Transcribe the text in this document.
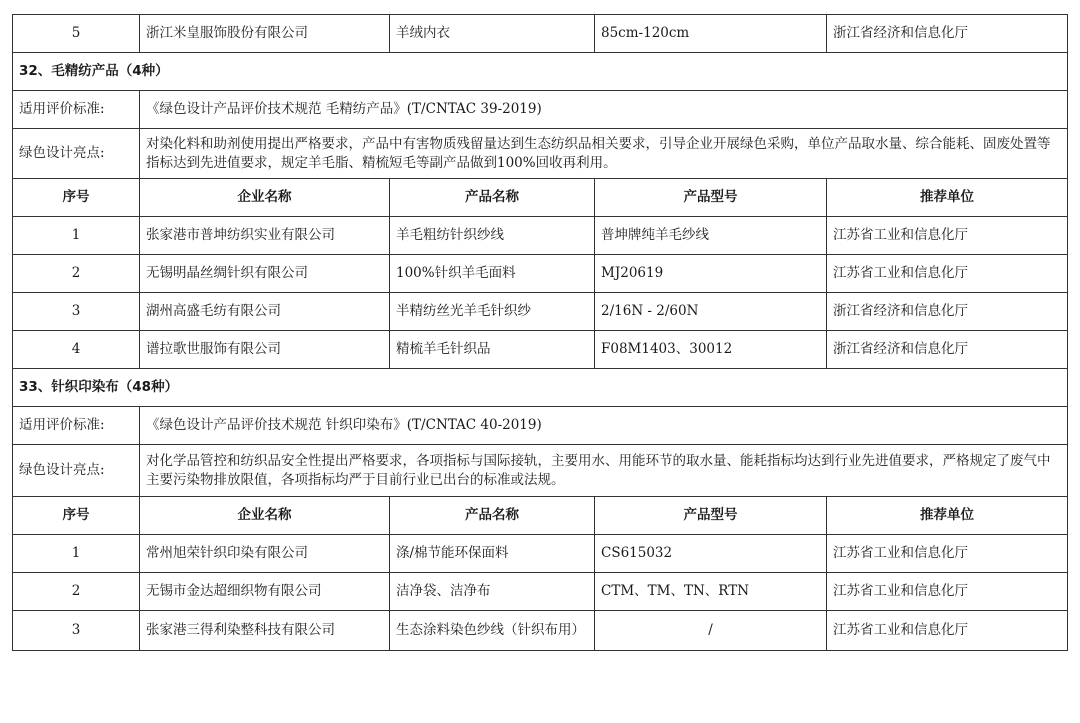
5	浙江米皇服饰股份有限公司	羊绒内衣	85cm-120cm	浙江省经济和信息化厅
32、毛精纺产品（4种）				
适用评价标准:	《绿色设计产品评价技术规范 毛精纺产品》(T/CNTAC 39-2019)			
绿色设计亮点:	对染化料和助剂使用提出严格要求，产品中有害物质残留量达到生态纺织品相关要求，引导企业开展绿色采购，单位产品取水量、综合能耗、固废处置等指标达到先进值要求，规定羊毛脂、精梳短毛等副产品做到100%回收再利用。			
序号	企业名称	产品名称	产品型号	推荐单位
1	张家港市普坤纺织实业有限公司	羊毛粗纺针织纱线	普坤牌纯羊毛纱线	江苏省工业和信息化厅
2	无锡明晶丝绸针织有限公司	100%针织羊毛面料	MJ20619	江苏省工业和信息化厅
3	湖州高盛毛纺有限公司	半精纺丝光羊毛针织纱	2/16N - 2/60N	浙江省经济和信息化厅
4	谱拉歌世服饰有限公司	精梳羊毛针织品	F08M1403、30012	浙江省经济和信息化厅
33、针织印染布（48种）				
适用评价标准:	《绿色设计产品评价技术规范 针织印染布》(T/CNTAC 40-2019)			
绿色设计亮点:	对化学品管控和纺织品安全性提出严格要求，各项指标与国际接轨，主要用水、用能环节的取水量、能耗指标均达到行业先进值要求，严格规定了废气中主要污染物排放限值，各项指标均严于目前行业已出台的标准或法规。			
序号	企业名称	产品名称	产品型号	推荐单位
1	常州旭荣针织印染有限公司	涤/棉节能环保面料	CS615032	江苏省工业和信息化厅
2	无锡市金达超细织物有限公司	洁净袋、洁净布	CTM、TM、TN、RTN	江苏省工业和信息化厅
3	张家港三得利染整科技有限公司	生态涂料染色纱线（针织布用）	/	江苏省工业和信息化厅
